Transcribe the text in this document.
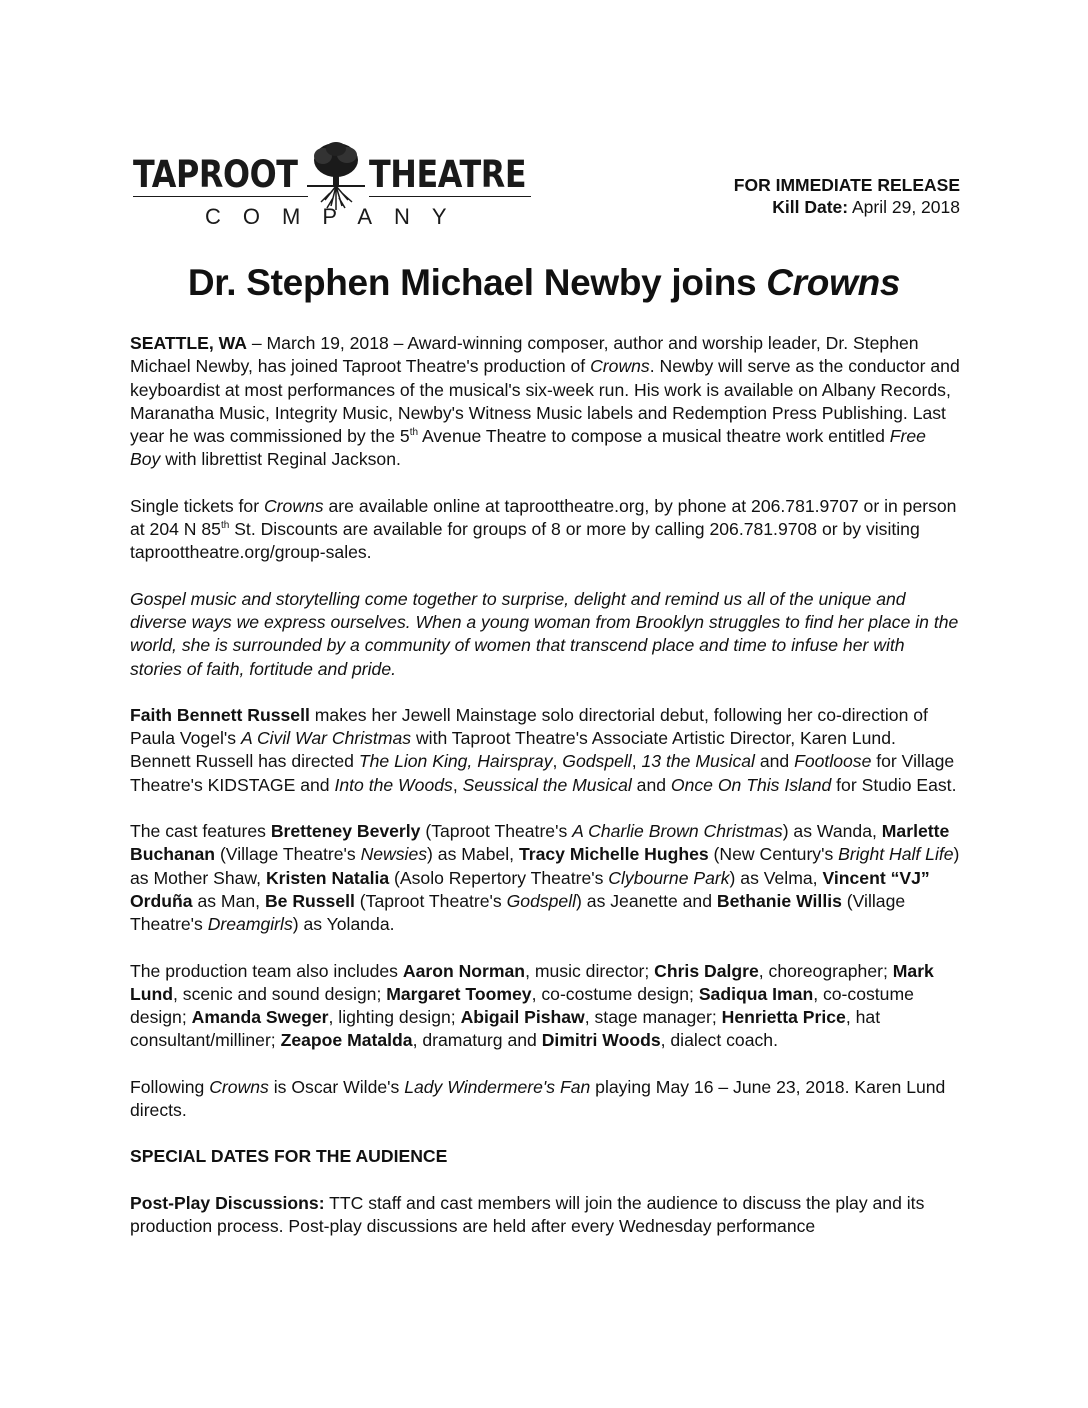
TAPROOT THEATRE
COMPANY
FOR IMMEDIATE RELEASE
Kill Date: April 29, 2018
Dr. Stephen Michael Newby joins Crowns

SEATTLE, WA – March 19, 2018 – Award-winning composer, author and worship leader, Dr. Stephen Michael Newby, has joined Taproot Theatre's production of Crowns. Newby will serve as the conductor and keyboardist at most performances of the musical's six-week run. His work is available on Albany Records, Maranatha Music, Integrity Music, Newby's Witness Music labels and Redemption Press Publishing. Last year he was commissioned by the 5th Avenue Theatre to compose a musical theatre work entitled Free Boy with librettist Reginal Jackson.

Single tickets for Crowns are available online at taproottheatre.org, by phone at 206.781.9707 or in person at 204 N 85th St. Discounts are available for groups of 8 or more by calling 206.781.9708 or by visiting taproottheatre.org/group-sales.

Gospel music and storytelling come together to surprise, delight and remind us all of the unique and diverse ways we express ourselves. When a young woman from Brooklyn struggles to find her place in the world, she is surrounded by a community of women that transcend place and time to infuse her with stories of faith, fortitude and pride.

Faith Bennett Russell makes her Jewell Mainstage solo directorial debut, following her co-direction of Paula Vogel's A Civil War Christmas with Taproot Theatre's Associate Artistic Director, Karen Lund. Bennett Russell has directed The Lion King, Hairspray, Godspell, 13 the Musical and Footloose for Village Theatre's KIDSTAGE and Into the Woods, Seussical the Musical and Once On This Island for Studio East.

The cast features Bretteney Beverly (Taproot Theatre's A Charlie Brown Christmas) as Wanda, Marlette Buchanan (Village Theatre's Newsies) as Mabel, Tracy Michelle Hughes (New Century's Bright Half Life) as Mother Shaw, Kristen Natalia (Asolo Repertory Theatre's Clybourne Park) as Velma, Vincent “VJ” Orduña as Man, Be Russell (Taproot Theatre's Godspell) as Jeanette and Bethanie Willis (Village Theatre's Dreamgirls) as Yolanda.

The production team also includes Aaron Norman, music director; Chris Dalgre, choreographer; Mark Lund, scenic and sound design; Margaret Toomey, co-costume design; Sadiqua Iman, co-costume design; Amanda Sweger, lighting design; Abigail Pishaw, stage manager; Henrietta Price, hat consultant/milliner; Zeapoe Matalda, dramaturg and Dimitri Woods, dialect coach.

Following Crowns is Oscar Wilde's Lady Windermere's Fan playing May 16 – June 23, 2018. Karen Lund directs.

SPECIAL DATES FOR THE AUDIENCE

Post-Play Discussions: TTC staff and cast members will join the audience to discuss the play and its production process. Post-play discussions are held after every Wednesday performance
